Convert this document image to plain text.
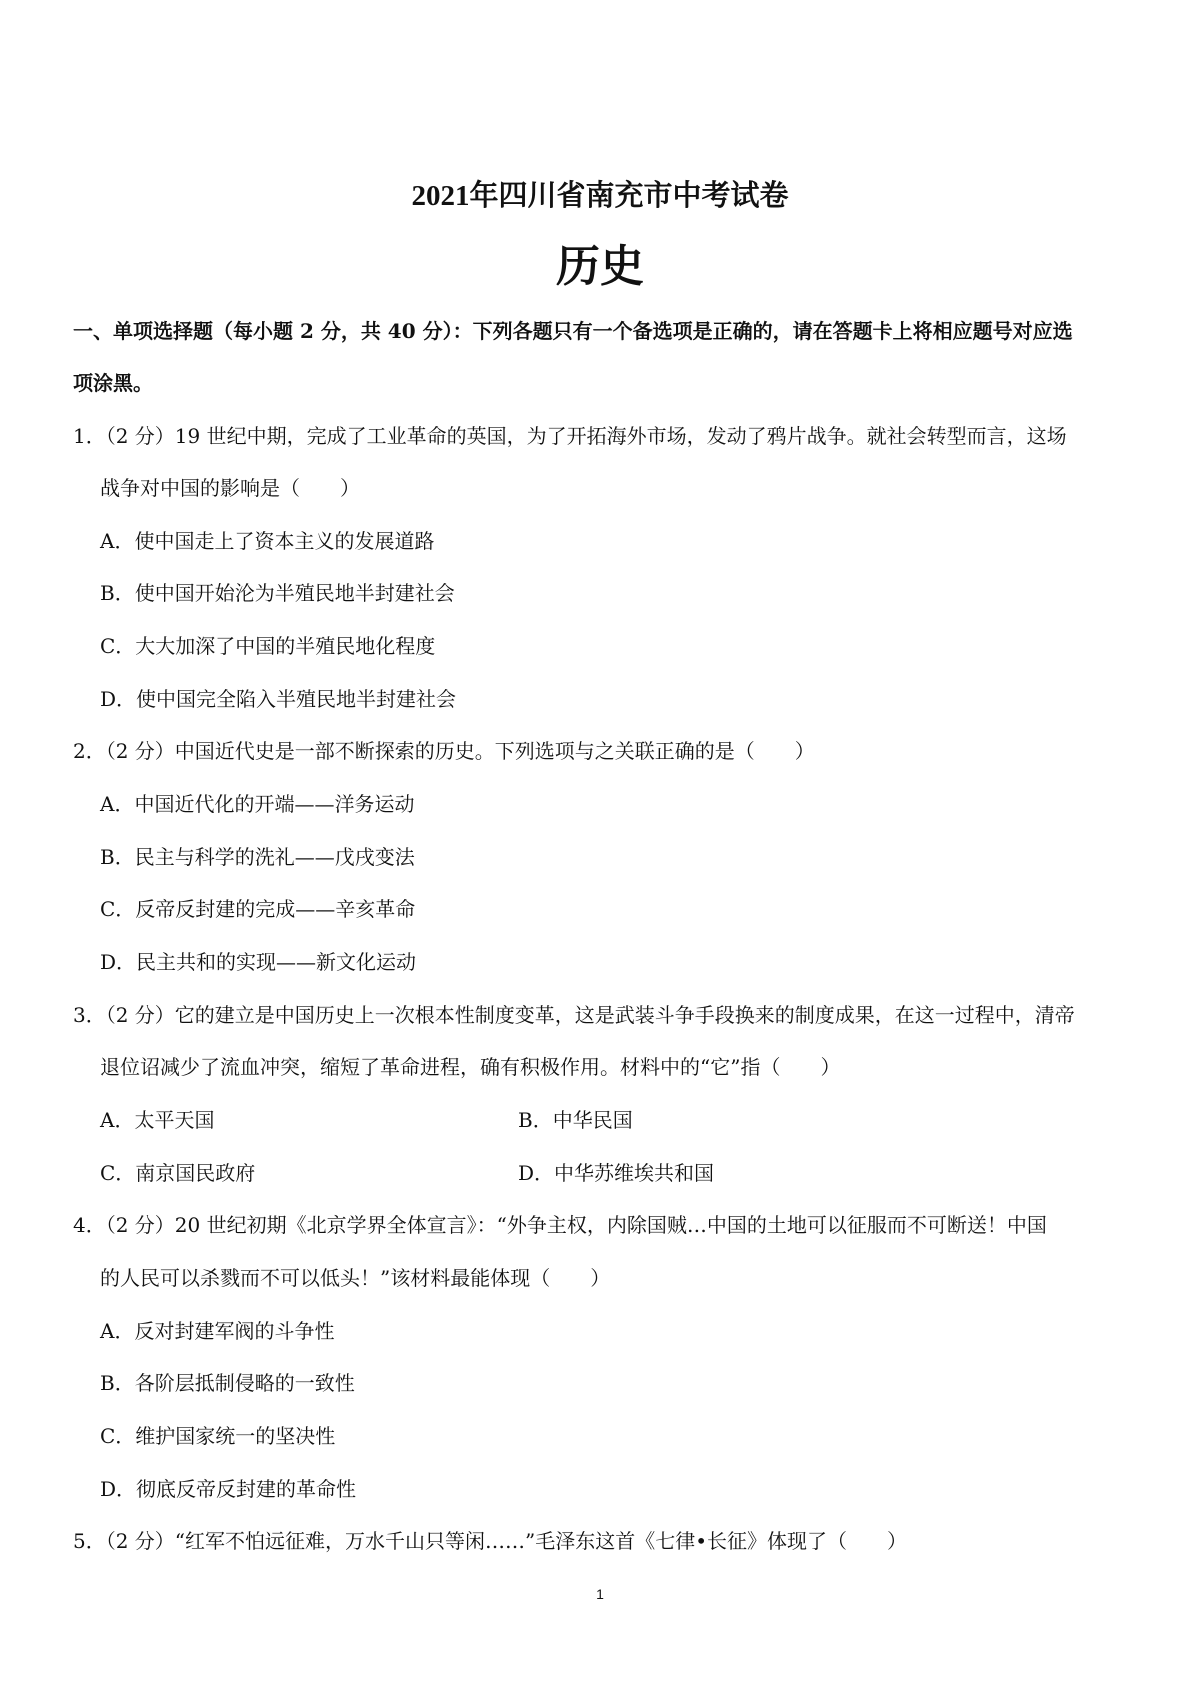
2021年四川省南充市中考试卷
历史
一、单项选择题（每小题 2 分，共 40 分）：下列各题只有一个备选项是正确的，请在答题卡上将相应题号对应选
项涂黑。
1．（2 分）19 世纪中期，完成了工业革命的英国，为了开拓海外市场，发动了鸦片战争。就社会转型而言，这场
战争对中国的影响是（　　）
A．使中国走上了资本主义的发展道路
B．使中国开始沦为半殖民地半封建社会
C．大大加深了中国的半殖民地化程度
D．使中国完全陷入半殖民地半封建社会
2．（2 分）中国近代史是一部不断探索的历史。下列选项与之关联正确的是（　　）
A．中国近代化的开端——洋务运动
B．民主与科学的洗礼——戊戌变法
C．反帝反封建的完成——辛亥革命
D．民主共和的实现——新文化运动
3．（2 分）它的建立是中国历史上一次根本性制度变革，这是武装斗争手段换来的制度成果，在这一过程中，清帝
退位诏减少了流血冲突，缩短了革命进程，确有积极作用。材料中的“它”指（　　）
A．太平天国	B．中华民国
C．南京国民政府	D．中华苏维埃共和国
4．（2 分）20 世纪初期《北京学界全体宣言》：“外争主权，内除国贼…中国的土地可以征服而不可断送！中国
的人民可以杀戮而不可以低头！”该材料最能体现（　　）
A．反对封建军阀的斗争性
B．各阶层抵制侵略的一致性
C．维护国家统一的坚决性
D．彻底反帝反封建的革命性
5．（2 分）“红军不怕远征难，万水千山只等闲……”毛泽东这首《七律•长征》体现了（　　）
1
